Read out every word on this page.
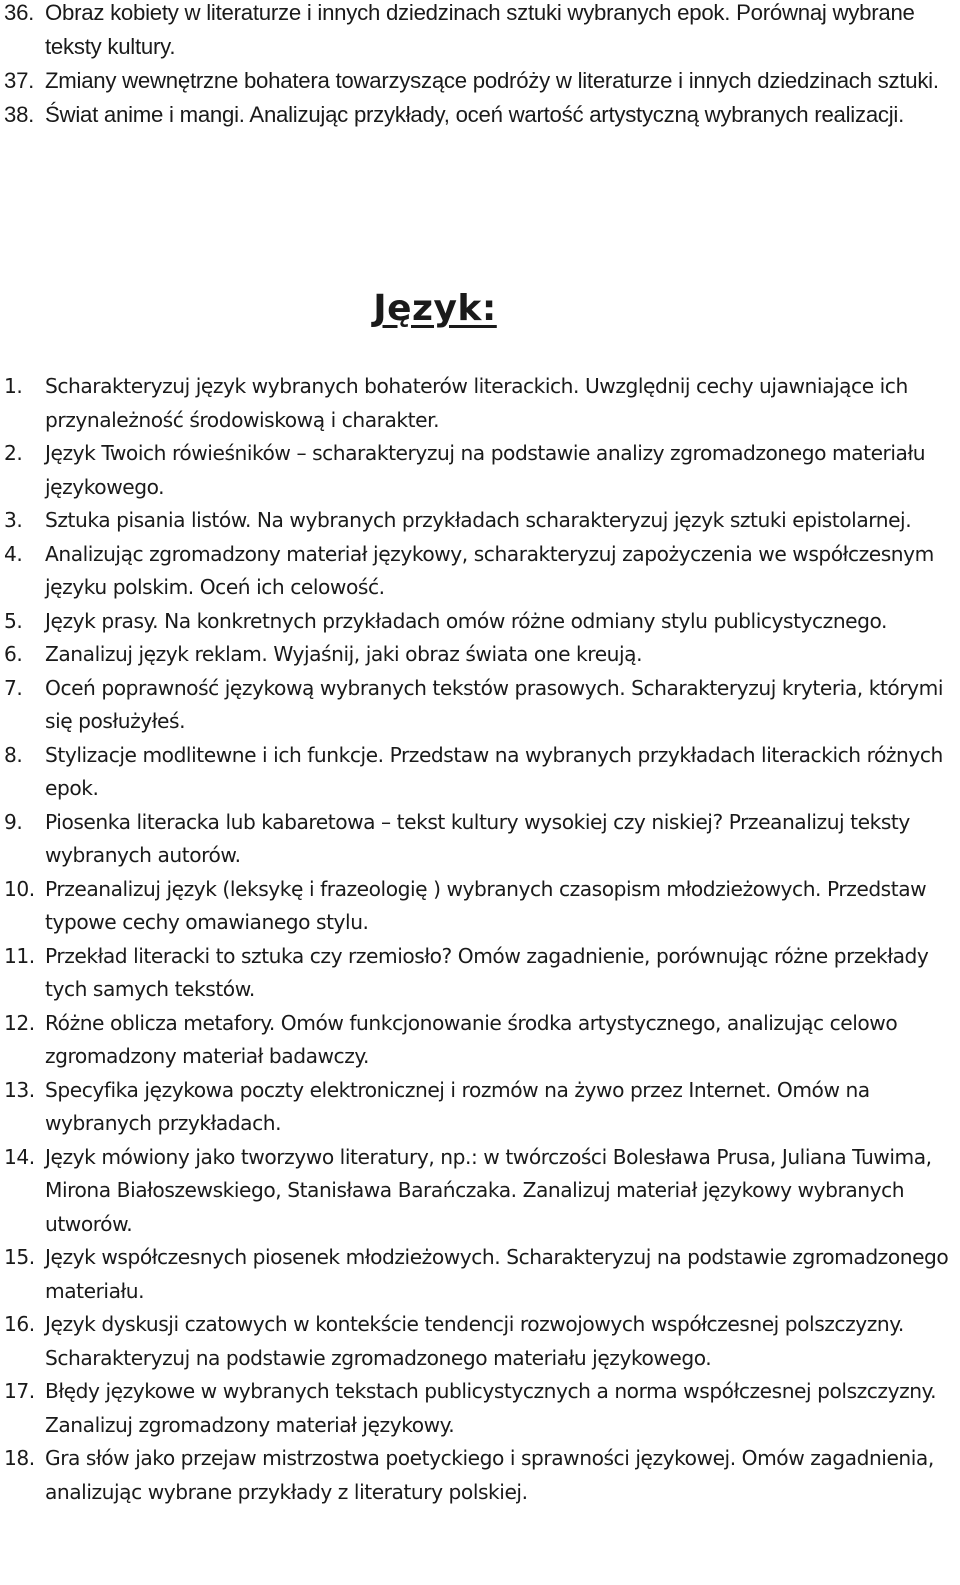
36. Obraz kobiety w literaturze i innych dziedzinach sztuki wybranych epok. Porównaj wybrane teksty kultury.
37. Zmiany wewnętrzne bohatera towarzyszące podróży w literaturze i innych dziedzinach sztuki.
38. Świat anime i mangi. Analizując przykłady, oceń wartość artystyczną wybranych realizacji.
Język:
1. Scharakteryzuj język wybranych bohaterów literackich. Uwzględnij cechy ujawniające ich przynależność środowiskową i charakter.
2. Język Twoich rówieśników – scharakteryzuj na podstawie analizy zgromadzonego materiału językowego.
3. Sztuka pisania listów. Na wybranych przykładach scharakteryzuj język sztuki epistolarnej.
4. Analizując zgromadzony materiał językowy, scharakteryzuj zapożyczenia we współczesnym języku polskim. Oceń ich celowość.
5. Język prasy. Na konkretnych przykładach omów różne odmiany stylu publicystycznego.
6. Zanalizuj język reklam. Wyjaśnij, jaki obraz świata one kreują.
7. Oceń poprawność językową wybranych tekstów prasowych. Scharakteryzuj kryteria, którymi się posłużyłeś.
8. Stylizacje modlitewne i ich funkcje. Przedstaw na wybranych przykładach literackich różnych epok.
9. Piosenka literacka lub kabaretowa – tekst kultury wysokiej czy niskiej? Przeanalizuj teksty wybranych autorów.
10. Przeanalizuj język (leksykę i frazeologię ) wybranych czasopism młodzieżowych. Przedstaw typowe cechy omawianego stylu.
11. Przekład literacki to sztuka czy rzemiosło? Omów zagadnienie, porównując różne przekłady tych samych tekstów.
12. Różne oblicza metafory. Omów funkcjonowanie środka artystycznego, analizując celowo zgromadzony materiał badawczy.
13. Specyfika językowa poczty elektronicznej i rozmów na żywo przez Internet. Omów na wybranych przykładach.
14. Język mówiony jako tworzywo literatury, np.: w twórczości Bolesława Prusa, Juliana Tuwima, Mirona Białoszewskiego, Stanisława Barańczaka. Zanalizuj materiał językowy wybranych utworów.
15. Język współczesnych piosenek młodzieżowych. Scharakteryzuj na podstawie zgromadzonego materiału.
16. Język dyskusji czatowych w kontekście tendencji rozwojowych współczesnej polszczyzny. Scharakteryzuj na podstawie zgromadzonego materiału językowego.
17. Błędy językowe w wybranych tekstach publicystycznych a norma współczesnej polszczyzny. Zanalizuj zgromadzony materiał językowy.
18. Gra słów jako przejaw mistrzostwa poetyckiego i sprawności językowej. Omów zagadnienia, analizując wybrane przykłady z literatury polskiej.
